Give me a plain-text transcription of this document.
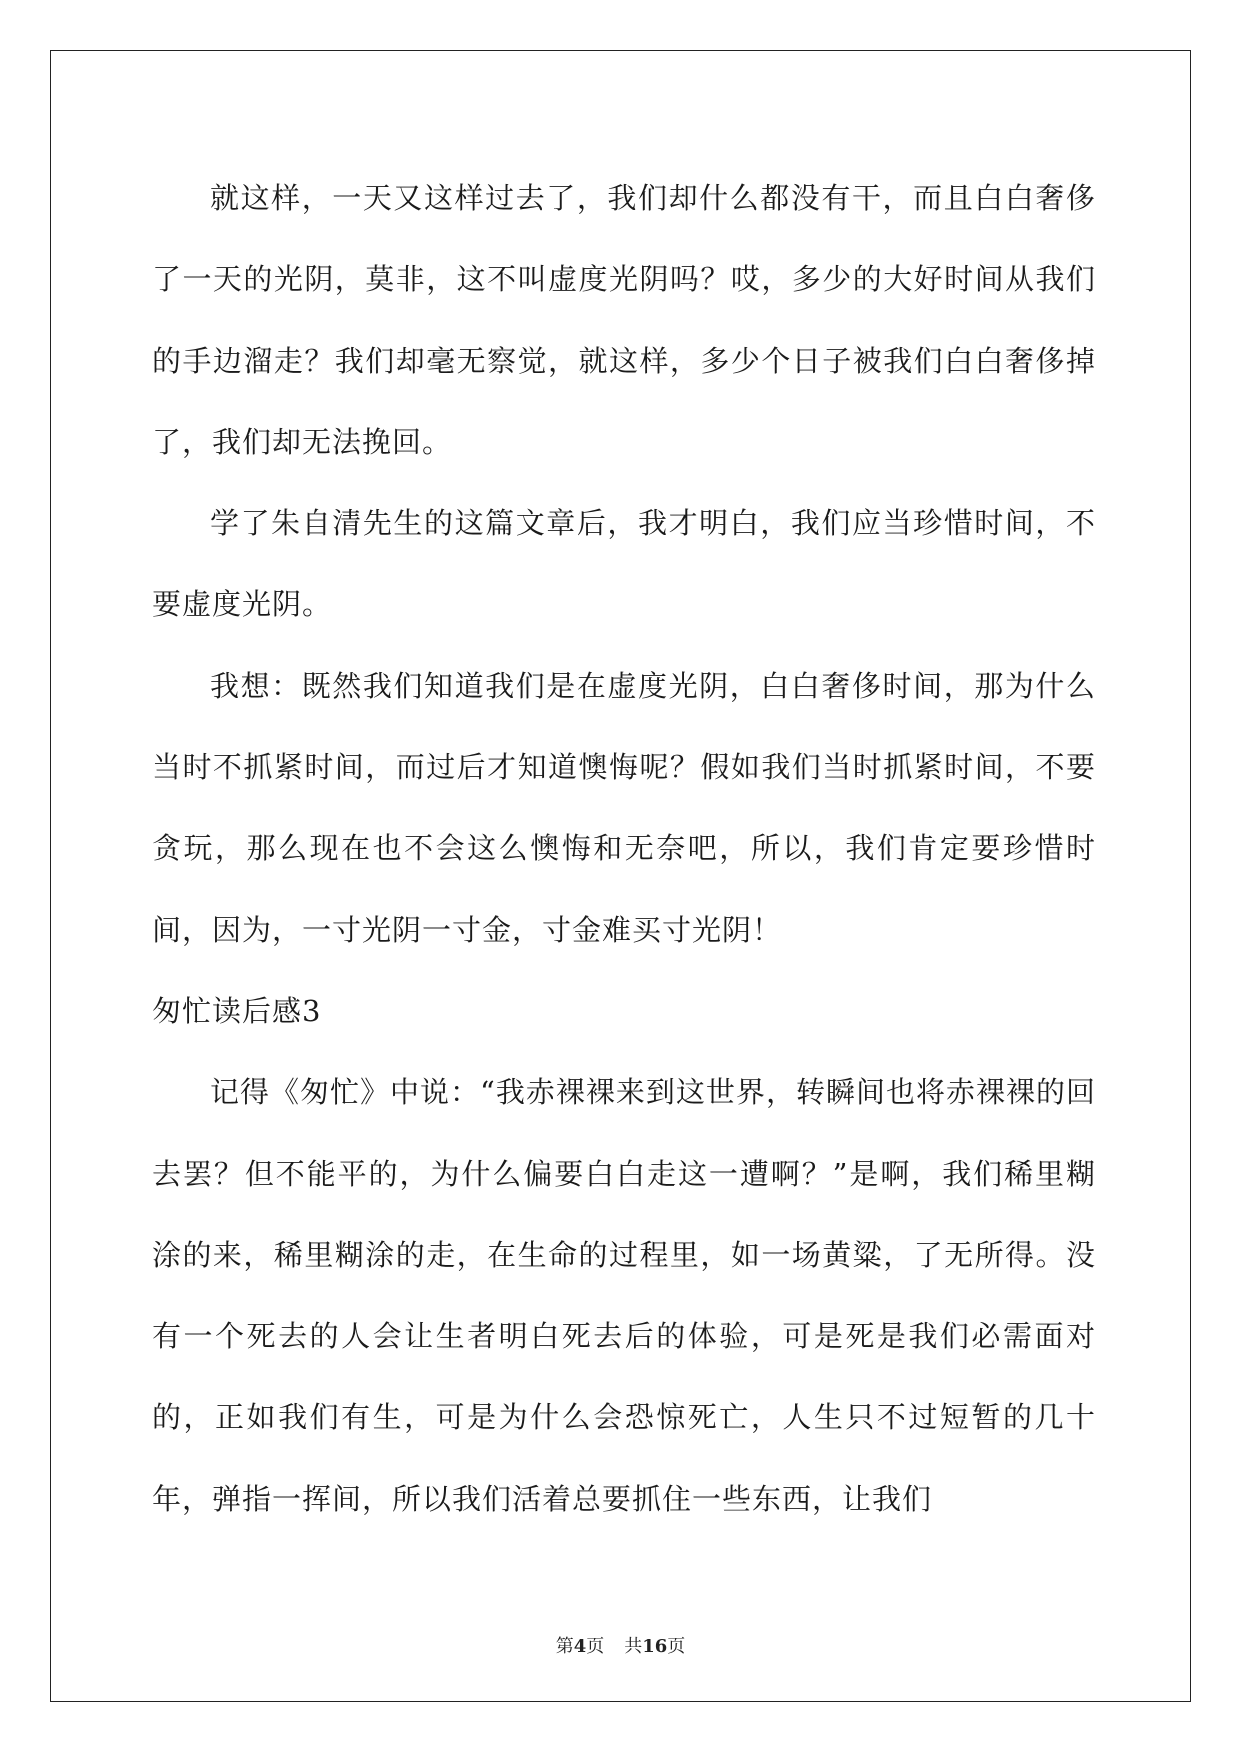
就这样，一天又这样过去了，我们却什么都没有干，而且白白奢侈了一天的光阴，莫非，这不叫虚度光阴吗？哎，多少的大好时间从我们的手边溜走？我们却毫无察觉，就这样，多少个日子被我们白白奢侈掉了，我们却无法挽回。

学了朱自清先生的这篇文章后，我才明白，我们应当珍惜时间，不要虚度光阴。

我想：既然我们知道我们是在虚度光阴，白白奢侈时间，那为什么当时不抓紧时间，而过后才知道懊悔呢？假如我们当时抓紧时间，不要贪玩，那么现在也不会这么懊悔和无奈吧，所以，我们肯定要珍惜时间，因为，一寸光阴一寸金，寸金难买寸光阴！

匆忙读后感3

记得《匆忙》中说：“我赤裸裸来到这世界，转瞬间也将赤裸裸的回去罢？但不能平的，为什么偏要白白走这一遭啊？”是啊，我们稀里糊涂的来，稀里糊涂的走，在生命的过程里，如一场黄粱，了无所得。没有一个死去的人会让生者明白死去后的体验，可是死是我们必需面对的，正如我们有生，可是为什么会恐惊死亡，人生只不过短暂的几十年，弹指一挥间，所以我们活着总要抓住一些东西，让我们

第4页 共16页
